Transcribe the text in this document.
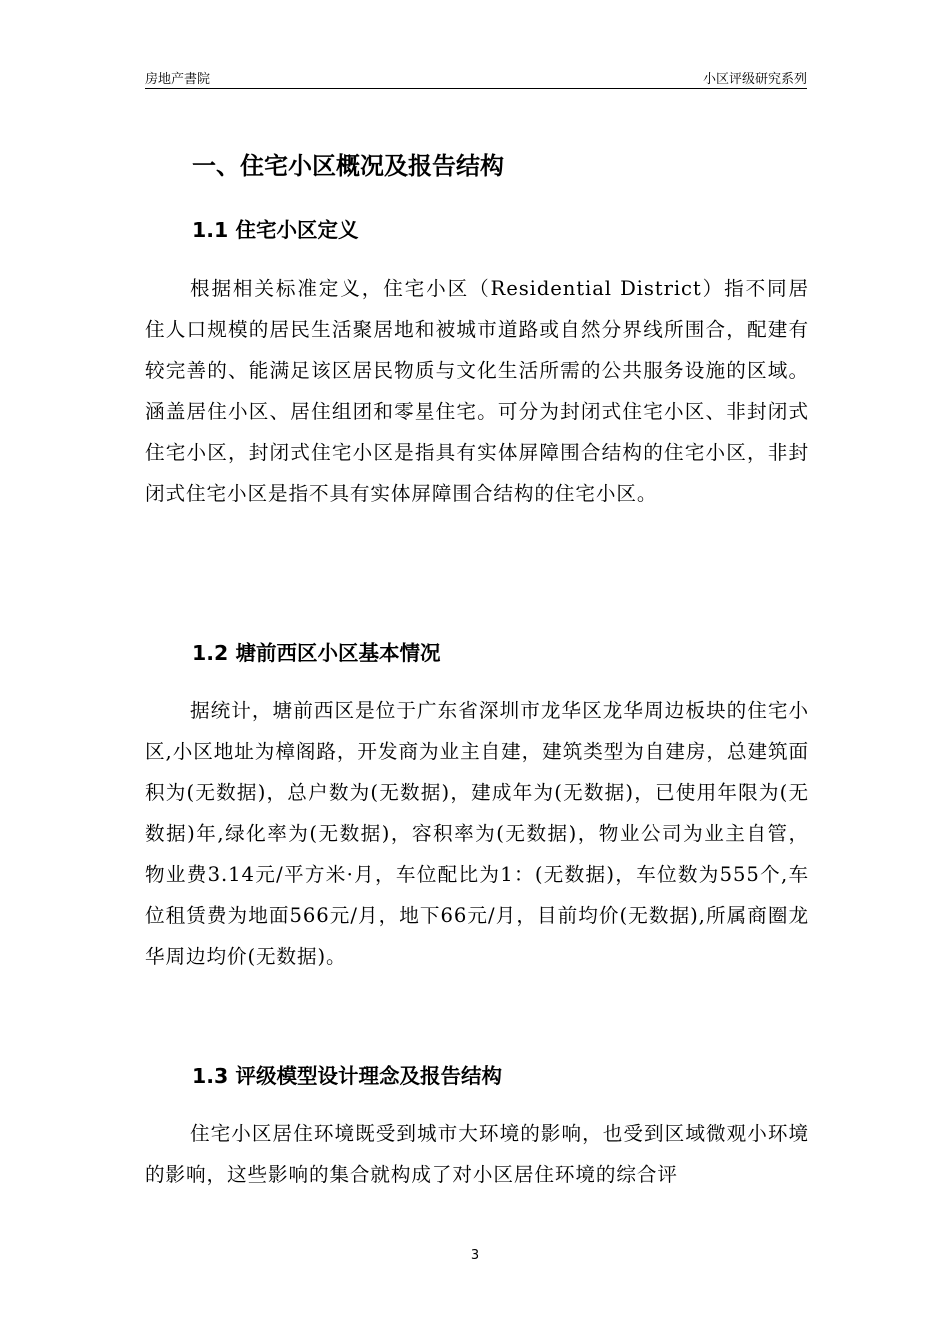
房地产書院	小区评级研究系列
一、住宅小区概况及报告结构
1.1 住宅小区定义

根据相关标准定义，住宅小区（Residential District）指不同居住人口规模的居民生活聚居地和被城市道路或自然分界线所围合，配建有较完善的、能满足该区居民物质与文化生活所需的公共服务设施的区域。涵盖居住小区、居住组团和零星住宅。可分为封闭式住宅小区、非封闭式住宅小区，封闭式住宅小区是指具有实体屏障围合结构的住宅小区，非封闭式住宅小区是指不具有实体屏障围合结构的住宅小区。

1.2 塘前西区小区基本情况

据统计，塘前西区是位于广东省深圳市龙华区龙华周边板块的住宅小区,小区地址为樟阁路，开发商为业主自建，建筑类型为自建房，总建筑面积为(无数据)，总户数为(无数据)，建成年为(无数据)，已使用年限为(无数据)年,绿化率为(无数据)，容积率为(无数据)，物业公司为业主自管，物业费3.14元/平方米·月，车位配比为1：(无数据)，车位数为555个,车位租赁费为地面566元/月，地下66元/月，目前均价(无数据),所属商圈龙华周边均价(无数据)。

1.3 评级模型设计理念及报告结构

住宅小区居住环境既受到城市大环境的影响，也受到区域微观小环境的影响，这些影响的集合就构成了对小区居住环境的综合评

3
